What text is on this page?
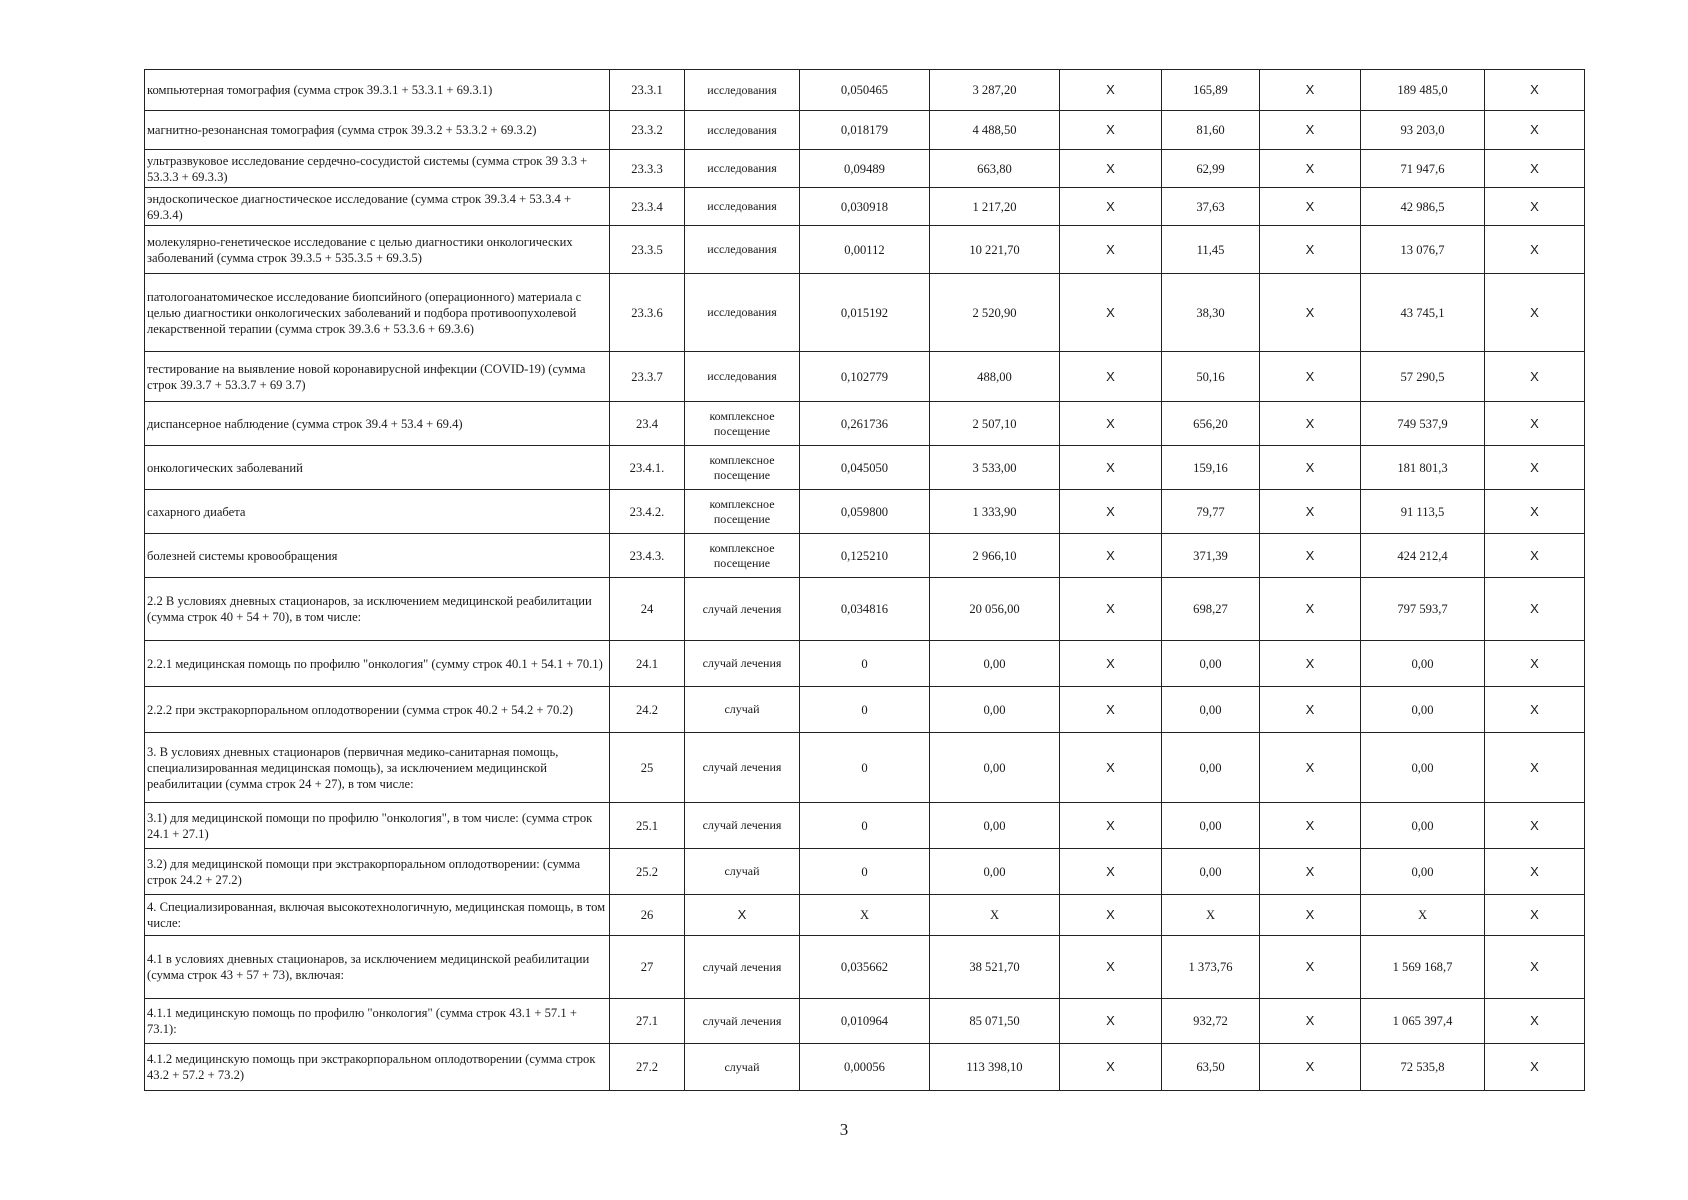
компьютерная томография (сумма строк 39.3.1 + 53.3.1 + 69.3.1)	23.3.1	исследования	0,050465	3 287,20	X	165,89	X	189 485,0	X
магнитно-резонансная томография (сумма строк 39.3.2 + 53.3.2 + 69.3.2)	23.3.2	исследования	0,018179	4 488,50	X	81,60	X	93 203,0	X
ультразвуковое исследование сердечно-сосудистой системы (сумма строк 39 3.3 + 53.3.3 + 69.3.3)	23.3.3	исследования	0,09489	663,80	X	62,99	X	71 947,6	X
эндоскопическое диагностическое исследование (сумма строк 39.3.4 + 53.3.4 + 69.3.4)	23.3.4	исследования	0,030918	1 217,20	X	37,63	X	42 986,5	X
молекулярно-генетическое исследование с целью диагностики онкологических заболеваний (сумма строк 39.3.5 + 535.3.5 + 69.3.5)	23.3.5	исследования	0,00112	10 221,70	X	11,45	X	13 076,7	X
патологоанатомическое исследование биопсийного (операционного) материала с целью диагностики онкологических заболеваний и подбора противоопухолевой лекарственной терапии (сумма строк 39.3.6 + 53.3.6 + 69.3.6)	23.3.6	исследования	0,015192	2 520,90	X	38,30	X	43 745,1	X
тестирование на выявление новой коронавирусной инфекции (COVID-19) (сумма строк 39.3.7 + 53.3.7 + 69 3.7)	23.3.7	исследования	0,102779	488,00	X	50,16	X	57 290,5	X
диспансерное наблюдение (сумма строк 39.4 + 53.4 + 69.4)	23.4	комплексное посещение	0,261736	2 507,10	X	656,20	X	749 537,9	X
онкологических заболеваний	23.4.1.	комплексное посещение	0,045050	3 533,00	X	159,16	X	181 801,3	X
сахарного диабета	23.4.2.	комплексное посещение	0,059800	1 333,90	X	79,77	X	91 113,5	X
болезней системы кровообращения	23.4.3.	комплексное посещение	0,125210	2 966,10	X	371,39	X	424 212,4	X
2.2 В условиях дневных стационаров, за исключением медицинской реабилитации (сумма строк 40 + 54 + 70), в том числе:	24	случай лечения	0,034816	20 056,00	X	698,27	X	797 593,7	X
2.2.1 медицинская помощь по профилю "онкология" (сумму строк 40.1 + 54.1 + 70.1)	24.1	случай лечения	0	0,00	X	0,00	X	0,00	X
2.2.2 при экстракорпоральном оплодотворении (сумма строк 40.2 + 54.2 + 70.2)	24.2	случай	0	0,00	X	0,00	X	0,00	X
3. В условиях дневных стационаров (первичная медико-санитарная помощь, специализированная медицинская помощь), за исключением медицинской реабилитации (сумма строк 24 + 27), в том числе:	25	случай лечения	0	0,00	X	0,00	X	0,00	X
3.1) для медицинской помощи по профилю "онкология", в том числе: (сумма строк 24.1 + 27.1)	25.1	случай лечения	0	0,00	X	0,00	X	0,00	X
3.2) для медицинской помощи при экстракорпоральном оплодотворении: (сумма строк 24.2 + 27.2)	25.2	случай	0	0,00	X	0,00	X	0,00	X
4. Специализированная, включая высокотехнологичную, медицинская помощь, в том числе:	26	X	X	X	X	X	X	X	X
4.1 в условиях дневных стационаров, за исключением медицинской реабилитации (сумма строк 43 + 57 + 73), включая:	27	случай лечения	0,035662	38 521,70	X	1 373,76	X	1 569 168,7	X
4.1.1 медицинскую помощь по профилю "онкология" (сумма строк 43.1 + 57.1 + 73.1):	27.1	случай лечения	0,010964	85 071,50	X	932,72	X	1 065 397,4	X
4.1.2 медицинскую помощь при экстракорпоральном оплодотворении (сумма строк 43.2 + 57.2 + 73.2)	27.2	случай	0,00056	113 398,10	X	63,50	X	72 535,8	X
3
